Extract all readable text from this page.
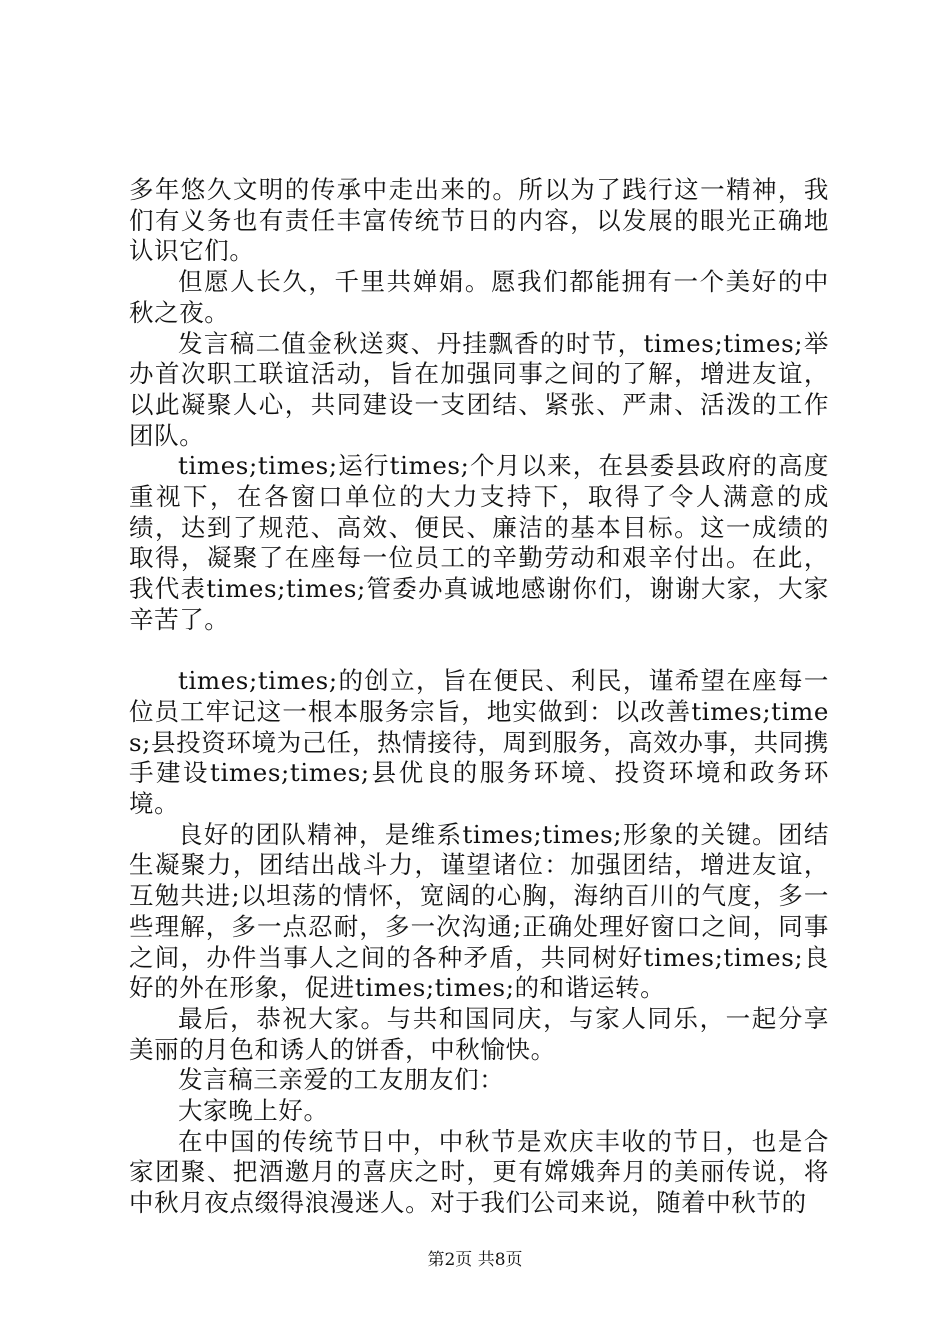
多年悠久文明的传承中走出来的。所以为了践行这一精神，我们有义务也有责任丰富传统节日的内容，以发展的眼光正确地认识它们。

但愿人长久，千里共婵娟。愿我们都能拥有一个美好的中秋之夜。

发言稿二值金秋送爽、丹挂飘香的时节，times;times;举办首次职工联谊活动，旨在加强同事之间的了解，增进友谊，以此凝聚人心，共同建设一支团结、紧张、严肃、活泼的工作团队。

times;times;运行times;个月以来，在县委县政府的高度重视下，在各窗口单位的大力支持下，取得了令人满意的成绩，达到了规范、高效、便民、廉洁的基本目标。这一成绩的取得，凝聚了在座每一位员工的辛勤劳动和艰辛付出。在此，我代表times;times;管委办真诚地感谢你们，谢谢大家，大家辛苦了。

times;times;的创立，旨在便民、利民，谨希望在座每一位员工牢记这一根本服务宗旨，地实做到：以改善times;times;县投资环境为己任，热情接待，周到服务，高效办事，共同携手建设times;times;县优良的服务环境、投资环境和政务环境。

良好的团队精神，是维系times;times;形象的关键。团结生凝聚力，团结出战斗力，谨望诸位：加强团结，增进友谊，互勉共进;以坦荡的情怀，宽阔的心胸，海纳百川的气度，多一些理解，多一点忍耐，多一次沟通;正确处理好窗口之间，同事之间，办件当事人之间的各种矛盾，共同树好times;times;良好的外在形象，促进times;times;的和谐运转。

最后，恭祝大家。与共和国同庆，与家人同乐，一起分享美丽的月色和诱人的饼香，中秋愉快。

发言稿三亲爱的工友朋友们：

大家晚上好。

在中国的传统节日中，中秋节是欢庆丰收的节日，也是合家团聚、把酒邀月的喜庆之时，更有嫦娥奔月的美丽传说，将中秋月夜点缀得浪漫迷人。对于我们公司来说，随着中秋节的

第2页 共8页
